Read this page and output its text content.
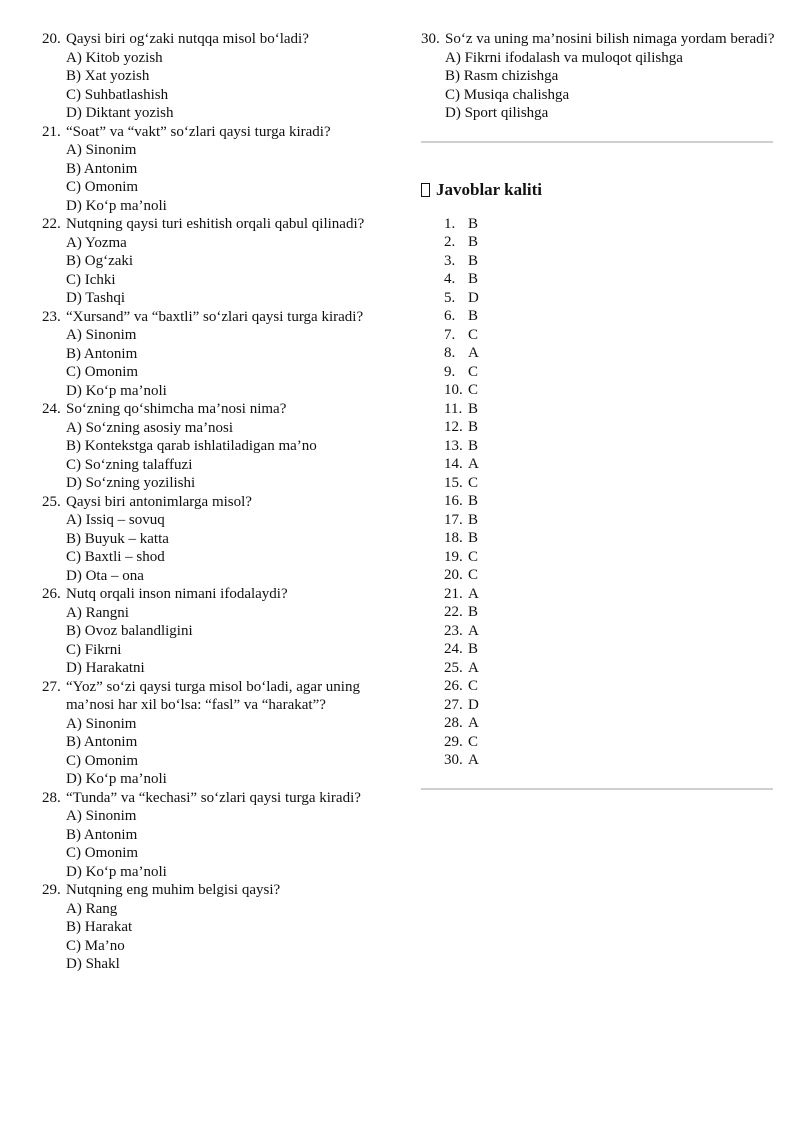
20. Qaysi biri og‘zaki nutqqa misol bo‘ladi?
A) Kitob yozish
B) Xat yozish
C) Suhbatlashish
D) Diktant yozish
21. “Soat” va “vakt” so‘zlari qaysi turga kiradi?
A) Sinonim
B) Antonim
C) Omonim
D) Ko‘p ma’noli
22. Nutqning qaysi turi eshitish orqali qabul qilinadi?
A) Yozma
B) Og‘zaki
C) Ichki
D) Tashqi
23. “Xursand” va “baxtli” so‘zlari qaysi turga kiradi?
A) Sinonim
B) Antonim
C) Omonim
D) Ko‘p ma’noli
24. So‘zning qo‘shimcha ma’nosi nima?
A) So‘zning asosiy ma’nosi
B) Kontekstga qarab ishlatiladigan ma’no
C) So‘zning talaffuzi
D) So‘zning yozilishi
25. Qaysi biri antonimlarga misol?
A) Issiq – sovuq
B) Buyuk – katta
C) Baxtli – shod
D) Ota – ona
26. Nutq orqali inson nimani ifodalaydi?
A) Rangni
B) Ovoz balandligini
C) Fikrni
D) Harakatni
27. “Yoz” so‘zi qaysi turga misol bo‘ladi, agar uning ma’nosi har xil bo‘lsa: “fasl” va “harakat”?
A) Sinonim
B) Antonim
C) Omonim
D) Ko‘p ma’noli
28. “Tunda” va “kechasi” so‘zlari qaysi turga kiradi?
A) Sinonim
B) Antonim
C) Omonim
D) Ko‘p ma’noli
29. Nutqning eng muhim belgisi qaysi?
A) Rang
B) Harakat
C) Ma’no
D) Shakl
30. So‘z va uning ma’nosini bilish nimaga yordam beradi?
A) Fikrni ifodalash va muloqot qilishga
B) Rasm chizishga
C) Musiqa chalishga
D) Sport qilishga
Javoblar kaliti
1. B
2. B
3. B
4. B
5. D
6. B
7. C
8. A
9. C
10. C
11. B
12. B
13. B
14. A
15. C
16. B
17. B
18. B
19. C
20. C
21. A
22. B
23. A
24. B
25. A
26. C
27. D
28. A
29. C
30. A
